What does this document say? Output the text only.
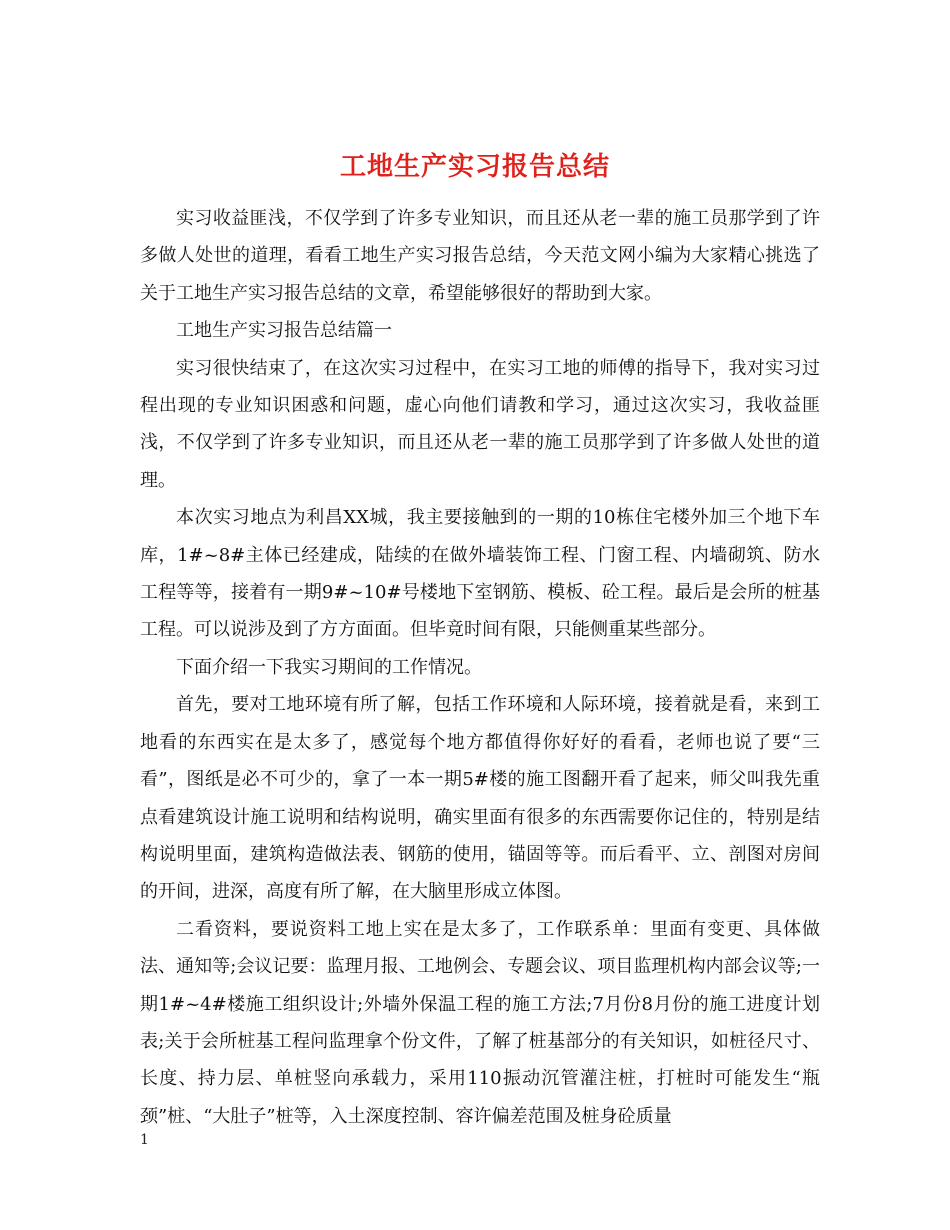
工地生产实习报告总结

实习收益匪浅，不仅学到了许多专业知识，而且还从老一辈的施工员那学到了许多做人处世的道理，看看工地生产实习报告总结，今天范文网小编为大家精心挑选了关于工地生产实习报告总结的文章，希望能够很好的帮助到大家。

工地生产实习报告总结篇一

实习很快结束了，在这次实习过程中，在实习工地的师傅的指导下，我对实习过程出现的专业知识困惑和问题，虚心向他们请教和学习，通过这次实习，我收益匪浅，不仅学到了许多专业知识，而且还从老一辈的施工员那学到了许多做人处世的道理。

本次实习地点为利昌XX城，我主要接触到的一期的10栋住宅楼外加三个地下车库，1#~8#主体已经建成，陆续的在做外墙装饰工程、门窗工程、内墙砌筑、防水工程等等，接着有一期9#~10#号楼地下室钢筋、模板、砼工程。最后是会所的桩基工程。可以说涉及到了方方面面。但毕竟时间有限，只能侧重某些部分。

下面介绍一下我实习期间的工作情况。

首先，要对工地环境有所了解，包括工作环境和人际环境，接着就是看，来到工地看的东西实在是太多了，感觉每个地方都值得你好好的看看，老师也说了要“三看”，图纸是必不可少的，拿了一本一期5#楼的施工图翻开看了起来，师父叫我先重点看建筑设计施工说明和结构说明，确实里面有很多的东西需要你记住的，特别是结构说明里面，建筑构造做法表、钢筋的使用，锚固等等。而后看平、立、剖图对房间的开间，进深，高度有所了解，在大脑里形成立体图。

二看资料，要说资料工地上实在是太多了，工作联系单：里面有变更、具体做法、通知等;会议记要：监理月报、工地例会、专题会议、项目监理机构内部会议等;一期1#~4#楼施工组织设计;外墙外保温工程的施工方法;7月份8月份的施工进度计划表;关于会所桩基工程问监理拿个份文件，了解了桩基部分的有关知识，如桩径尺寸、长度、持力层、单桩竖向承载力，采用110振动沉管灌注桩，打桩时可能发生“瓶颈”桩、“大肚子”桩等，入土深度控制、容许偏差范围及桩身砼质量

1
